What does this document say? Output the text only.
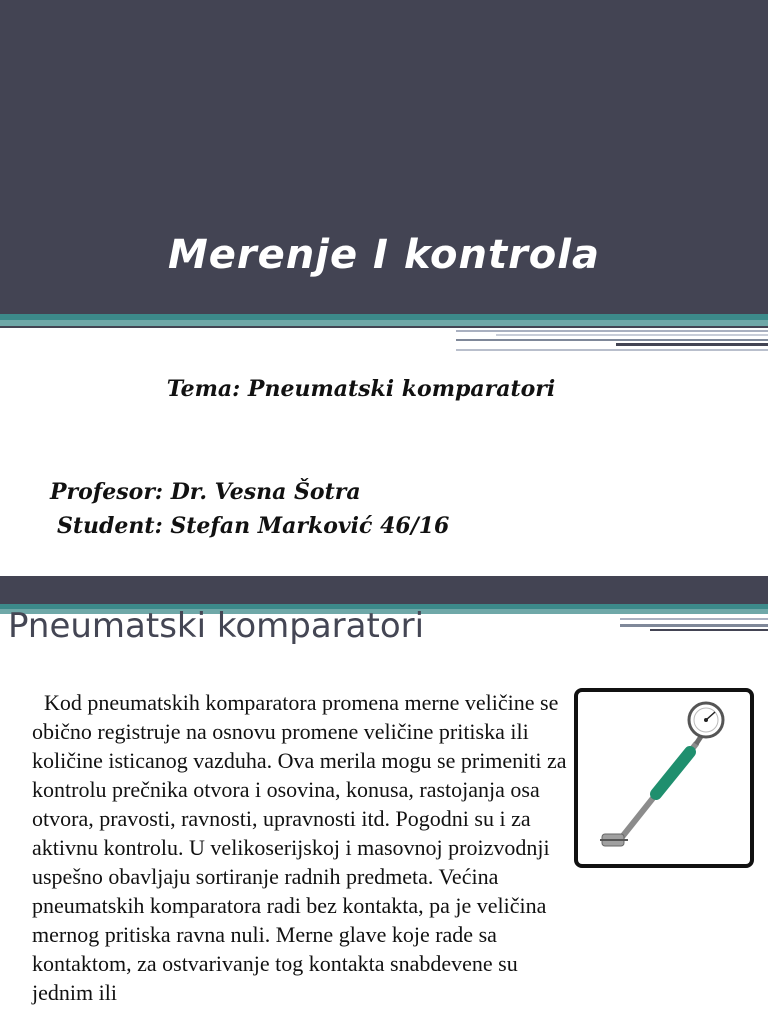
Merenje I kontrola

Tema: Pneumatski komparatori

Profesor: Dr. Vesna Šotra

Student: Stefan Marković 46/16

Pneumatski komparatori

Kod pneumatskih komparatora promena merne veličine se obično registruje na osnovu promene veličine pritiska ili količine isticanog vazduha. Ova merila mogu se primeniti za kontrolu prečnika otvora i osovina, konusa, rastojanja osa otvora, pravosti, ravnosti, upravnosti itd. Pogodni su i za aktivnu kontrolu. U velikoserijskoj i masovnoj proizvodnji uspešno obavljaju sortiranje radnih predmeta. Većina pneumatskih komparatora radi bez kontakta, pa je veličina mernog pritiska ravna nuli. Merne glave koje rade sa kontaktom, za ostvarivanje tog kontakta snabdevene su jednim ili
